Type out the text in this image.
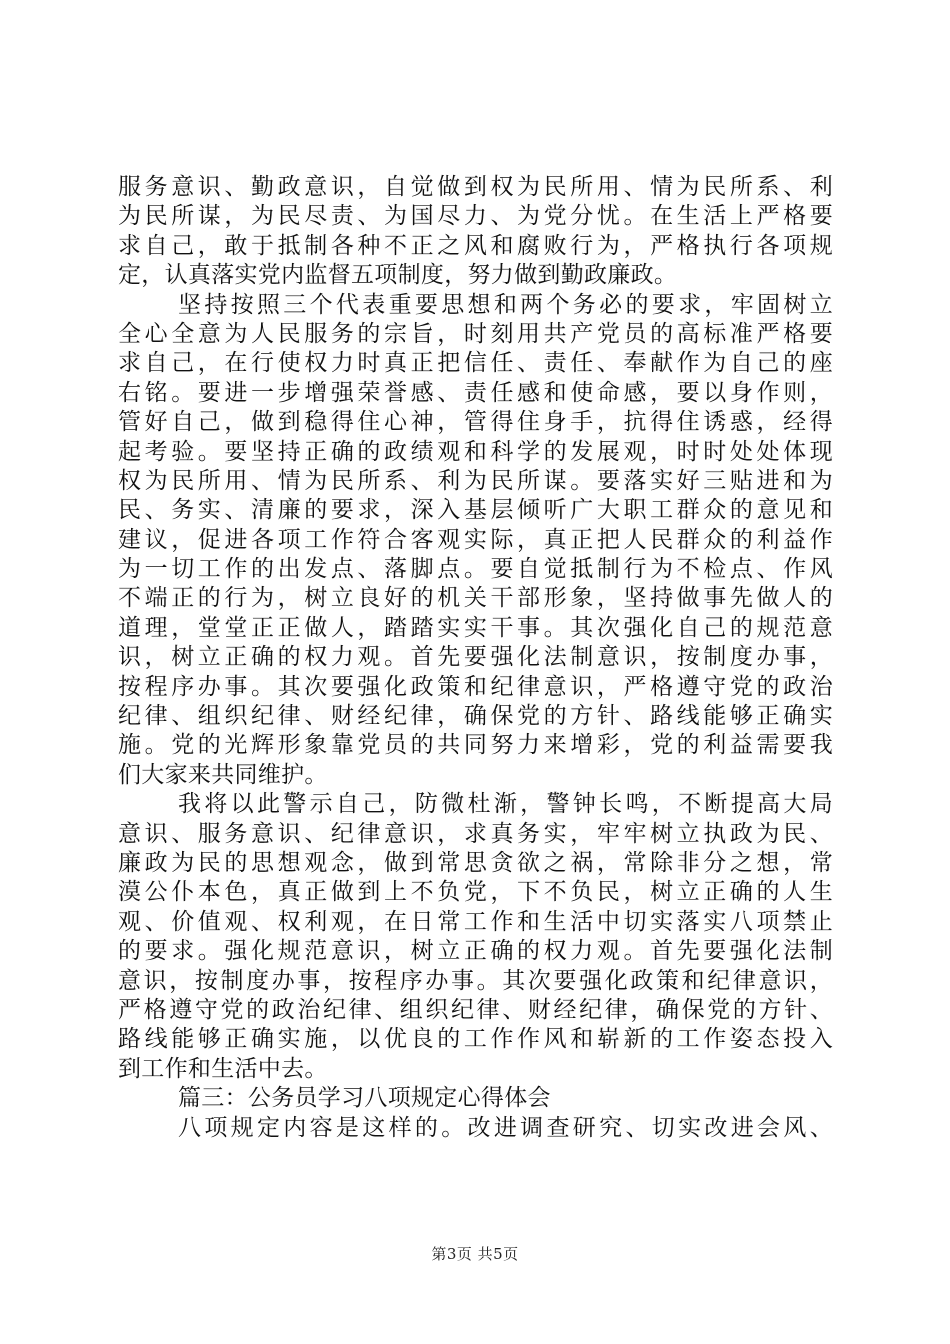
服务意识、勤政意识，自觉做到权为民所用、情为民所系、利
为民所谋，为民尽责、为国尽力、为党分忧。在生活上严格要
求自己，敢于抵制各种不正之风和腐败行为，严格执行各项规
定，认真落实党内监督五项制度，努力做到勤政廉政。
坚持按照三个代表重要思想和两个务必的要求，牢固树立
全心全意为人民服务的宗旨，时刻用共产党员的高标准严格要
求自己，在行使权力时真正把信任、责任、奉献作为自己的座
右铭。要进一步增强荣誉感、责任感和使命感，要以身作则，
管好自己，做到稳得住心神，管得住身手，抗得住诱惑，经得
起考验。要坚持正确的政绩观和科学的发展观，时时处处体现
权为民所用、情为民所系、利为民所谋。要落实好三贴进和为
民、务实、清廉的要求，深入基层倾听广大职工群众的意见和
建议，促进各项工作符合客观实际，真正把人民群众的利益作
为一切工作的出发点、落脚点。要自觉抵制行为不检点、作风
不端正的行为，树立良好的机关干部形象，坚持做事先做人的
道理，堂堂正正做人，踏踏实实干事。其次强化自己的规范意
识，树立正确的权力观。首先要强化法制意识，按制度办事，
按程序办事。其次要强化政策和纪律意识，严格遵守党的政治
纪律、组织纪律、财经纪律，确保党的方针、路线能够正确实
施。党的光辉形象靠党员的共同努力来增彩，党的利益需要我
们大家来共同维护。
我将以此警示自己，防微杜渐，警钟长鸣，不断提高大局
意识、服务意识、纪律意识，求真务实，牢牢树立执政为民、
廉政为民的思想观念，做到常思贪欲之祸，常除非分之想，常
漠公仆本色，真正做到上不负党，下不负民，树立正确的人生
观、价值观、权利观，在日常工作和生活中切实落实八项禁止
的要求。强化规范意识，树立正确的权力观。首先要强化法制
意识，按制度办事，按程序办事。其次要强化政策和纪律意识，
严格遵守党的政治纪律、组织纪律、财经纪律，确保党的方针、
路线能够正确实施，以优良的工作作风和崭新的工作姿态投入
到工作和生活中去。
篇三：公务员学习八项规定心得体会
八项规定内容是这样的。改进调查研究、切实改进会风、
第3页 共5页
